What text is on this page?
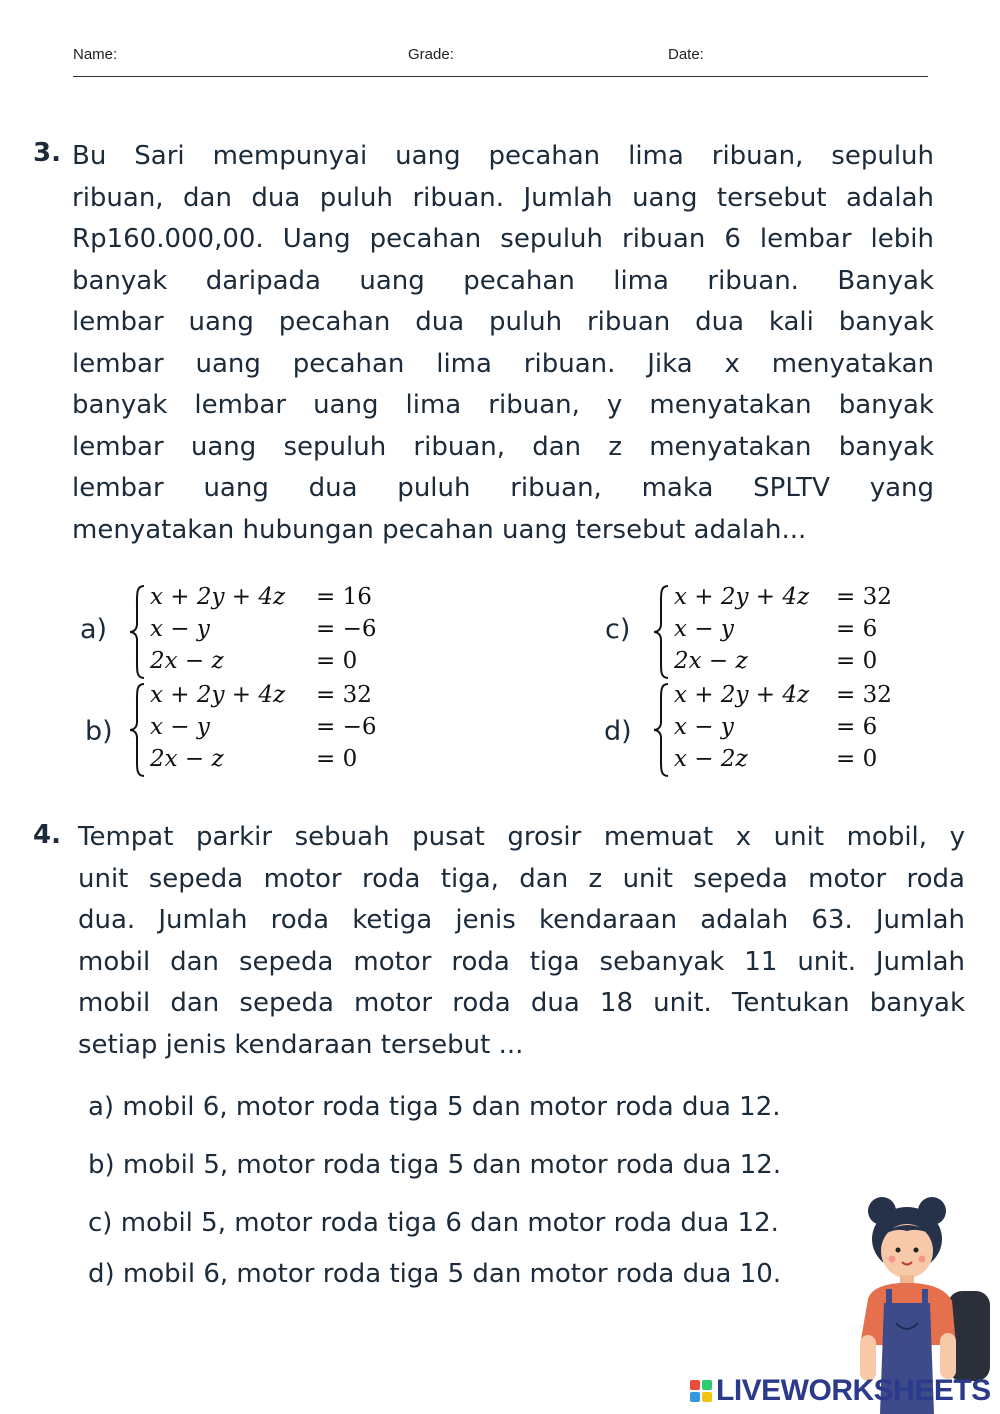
Name:	Grade:	Date:
3. Bu Sari mempunyai uang pecahan lima ribuan, sepuluh
ribuan, dan dua puluh ribuan. Jumlah uang tersebut adalah
Rp160.000,00. Uang pecahan sepuluh ribuan 6 lembar lebih
banyak daripada uang pecahan lima ribuan. Banyak
lembar uang pecahan dua puluh ribuan dua kali banyak
lembar uang pecahan lima ribuan. Jika x menyatakan
banyak lembar uang lima ribuan, y menyatakan banyak
lembar uang sepuluh ribuan, dan z menyatakan banyak
lembar uang dua puluh ribuan, maka SPLTV yang
menyatakan hubungan pecahan uang tersebut adalah...
a)
x + 2y + 4z = 16
x − y	= −6
2x − z	= 0
b)
x + 2y + 4z = 32
x − y	= −6
2x − z	= 0
c)
x + 2y + 4z = 32
x − y	= 6
2x − z	= 0
d)
x + 2y + 4z = 32
x − y	= 6
x − 2z	= 0
4. Tempat parkir sebuah pusat grosir memuat x unit mobil, y
unit sepeda motor roda tiga, dan z unit sepeda motor roda
dua. Jumlah roda ketiga jenis kendaraan adalah 63. Jumlah
mobil dan sepeda motor roda tiga sebanyak 11 unit. Jumlah
mobil dan sepeda motor roda dua 18 unit. Tentukan banyak
setiap jenis kendaraan tersebut ...
a) mobil 6, motor roda tiga 5 dan motor roda dua 12.
b) mobil 5, motor roda tiga 5 dan motor roda dua 12.
c) mobil 5, motor roda tiga 6 dan motor roda dua 12.
d) mobil 6, motor roda tiga 5 dan motor roda dua 10.
LIVEWORKSHEETS
